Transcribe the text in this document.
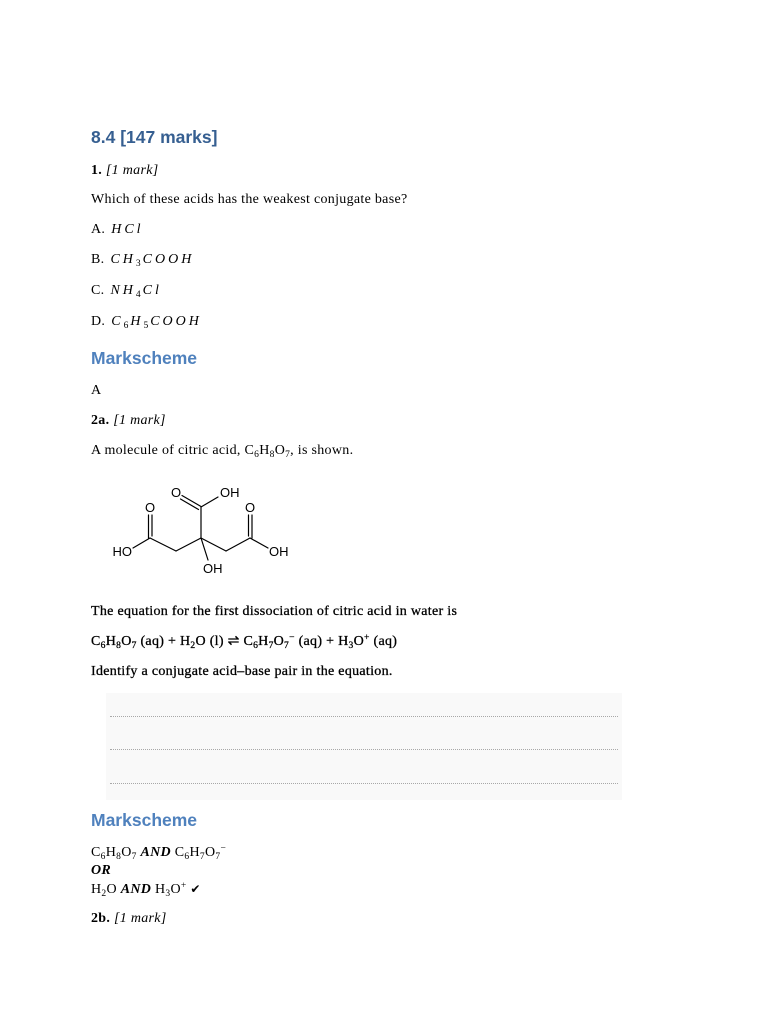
8.4 [147 marks]
1. [1 mark]
Which of these acids has the weakest conjugate base?
A. HCl
B. $CH_3COOH$
C. $NH_4Cl$
D. $C_6H_5COOH$
Markscheme
A
2a. [1 mark]
A molecule of citric acid, $C_6H_8O_7$, is shown.
O	OH
O	O
HO	OH
OH
The equation for the first dissociation of citric acid in water is
$C_6H_8O_7$ $(aq) + H_2O$ (l) ⇌ $C_6H_7O_7^-$ $(aq) + H_3O^+$ (aq)
Identify a conjugate acid–base pair in the equation.
Markscheme
$C_6H_8O_7$ AND $C_6H_7O_7^-$
OR
$H_2O$ AND $H_3O^+$ ✔
2b. [1 mark]
